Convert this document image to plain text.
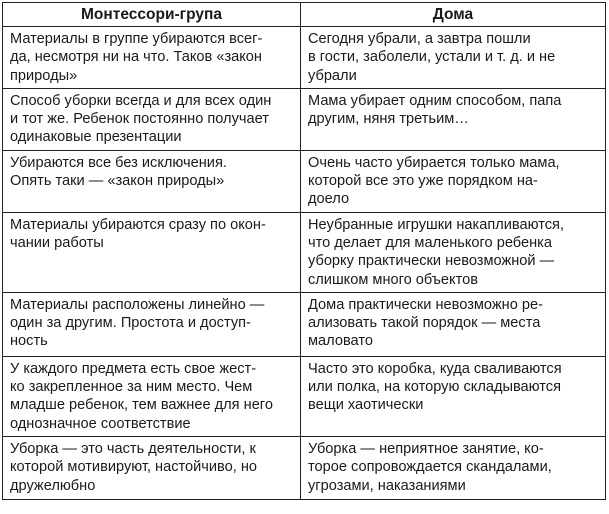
Монтессори-група	Дома

Материалы в группе убираются всег-
да, несмотря ни на что. Таков «закон
природы»	Сегодня убрали, а завтра пошли
в гости, заболели, устали и т. д. и не
убрали

Способ уборки всегда и для всех один
и тот же. Ребенок постоянно получает
одинаковые презентации	Мама убирает одним способом, папа
другим, няня третьим…

Убираются все без исключения.
Опять таки — «закон природы»	Очень часто убирается только мама,
которой все это уже порядком на-
доело

Материалы убираются сразу по окон-
чании работы	Неубранные игрушки накапливаются,
что делает для маленького ребенка
уборку практически невозможной —
слишком много объектов

Материалы расположены линейно —
один за другим. Простота и доступ-
ность	Дома практически невозможно ре-
ализовать такой порядок — места
маловато

У каждого предмета есть свое жест-
ко закрепленное за ним место. Чем
младше ребенок, тем важнее для него
однозначное соответствие	Часто это коробка, куда сваливаются
или полка, на которую складываются
вещи хаотически

Уборка — это часть деятельности, к
которой мотивируют, настойчиво, но
дружелюбно	Уборка — неприятное занятие, ко-
торое сопровождается скандалами,
угрозами, наказаниями
